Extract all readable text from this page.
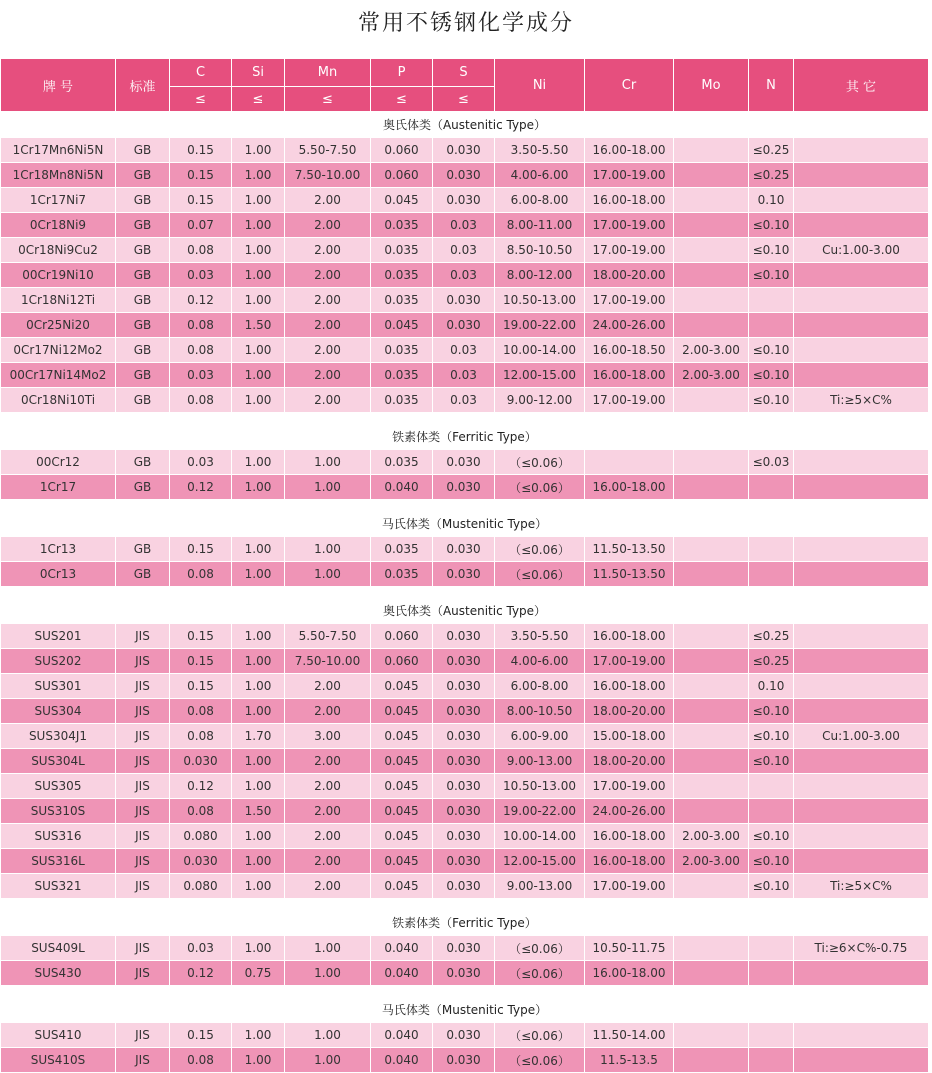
常用不锈钢化学成分
牌 号	标准	C	Si	Mn	P	S	Ni	Cr	Mo	N	其 它
		≤	≤	≤	≤	≤					
奥氏体类（Austenitic Type）											
1Cr17Mn6Ni5N	GB	0.15	1.00	5.50-7.50	0.060	0.030	3.50-5.50	16.00-18.00		≤0.25	
1Cr18Mn8Ni5N	GB	0.15	1.00	7.50-10.00	0.060	0.030	4.00-6.00	17.00-19.00		≤0.25	
1Cr17Ni7	GB	0.15	1.00	2.00	0.045	0.030	6.00-8.00	16.00-18.00		0.10	
0Cr18Ni9	GB	0.07	1.00	2.00	0.035	0.03	8.00-11.00	17.00-19.00		≤0.10	
0Cr18Ni9Cu2	GB	0.08	1.00	2.00	0.035	0.03	8.50-10.50	17.00-19.00		≤0.10	Cu:1.00-3.00
00Cr19Ni10	GB	0.03	1.00	2.00	0.035	0.03	8.00-12.00	18.00-20.00		≤0.10	
1Cr18Ni12Ti	GB	0.12	1.00	2.00	0.035	0.030	10.50-13.00	17.00-19.00			
0Cr25Ni20	GB	0.08	1.50	2.00	0.045	0.030	19.00-22.00	24.00-26.00			
0Cr17Ni12Mo2	GB	0.08	1.00	2.00	0.035	0.03	10.00-14.00	16.00-18.50	2.00-3.00	≤0.10	
00Cr17Ni14Mo2	GB	0.03	1.00	2.00	0.035	0.03	12.00-15.00	16.00-18.00	2.00-3.00	≤0.10	
0Cr18Ni10Ti	GB	0.08	1.00	2.00	0.035	0.03	9.00-12.00	17.00-19.00		≤0.10	Ti:≥5×C%

铁素体类（Ferritic Type）											
00Cr12	GB	0.03	1.00	1.00	0.035	0.030	（≤0.06）			≤0.03	
1Cr17	GB	0.12	1.00	1.00	0.040	0.030	（≤0.06）	16.00-18.00			

马氏体类（Mustenitic Type）											
1Cr13	GB	0.15	1.00	1.00	0.035	0.030	（≤0.06）	11.50-13.50			
0Cr13	GB	0.08	1.00	1.00	0.035	0.030	（≤0.06）	11.50-13.50			

奥氏体类（Austenitic Type）											
SUS201	JIS	0.15	1.00	5.50-7.50	0.060	0.030	3.50-5.50	16.00-18.00		≤0.25	
SUS202	JIS	0.15	1.00	7.50-10.00	0.060	0.030	4.00-6.00	17.00-19.00		≤0.25	
SUS301	JIS	0.15	1.00	2.00	0.045	0.030	6.00-8.00	16.00-18.00		0.10	
SUS304	JIS	0.08	1.00	2.00	0.045	0.030	8.00-10.50	18.00-20.00		≤0.10	
SUS304J1	JIS	0.08	1.70	3.00	0.045	0.030	6.00-9.00	15.00-18.00		≤0.10	Cu:1.00-3.00
SUS304L	JIS	0.030	1.00	2.00	0.045	0.030	9.00-13.00	18.00-20.00		≤0.10	
SUS305	JIS	0.12	1.00	2.00	0.045	0.030	10.50-13.00	17.00-19.00			
SUS310S	JIS	0.08	1.50	2.00	0.045	0.030	19.00-22.00	24.00-26.00			
SUS316	JIS	0.080	1.00	2.00	0.045	0.030	10.00-14.00	16.00-18.00	2.00-3.00	≤0.10	
SUS316L	JIS	0.030	1.00	2.00	0.045	0.030	12.00-15.00	16.00-18.00	2.00-3.00	≤0.10	
SUS321	JIS	0.080	1.00	2.00	0.045	0.030	9.00-13.00	17.00-19.00		≤0.10	Ti:≥5×C%

铁素体类（Ferritic Type）											
SUS409L	JIS	0.03	1.00	1.00	0.040	0.030	（≤0.06）	10.50-11.75			Ti:≥6×C%-0.75
SUS430	JIS	0.12	0.75	1.00	0.040	0.030	（≤0.06）	16.00-18.00			

马氏体类（Mustenitic Type）											
SUS410	JIS	0.15	1.00	1.00	0.040	0.030	（≤0.06）	11.50-14.00			
SUS410S	JIS	0.08	1.00	1.00	0.040	0.030	（≤0.06）	11.5-13.5			
